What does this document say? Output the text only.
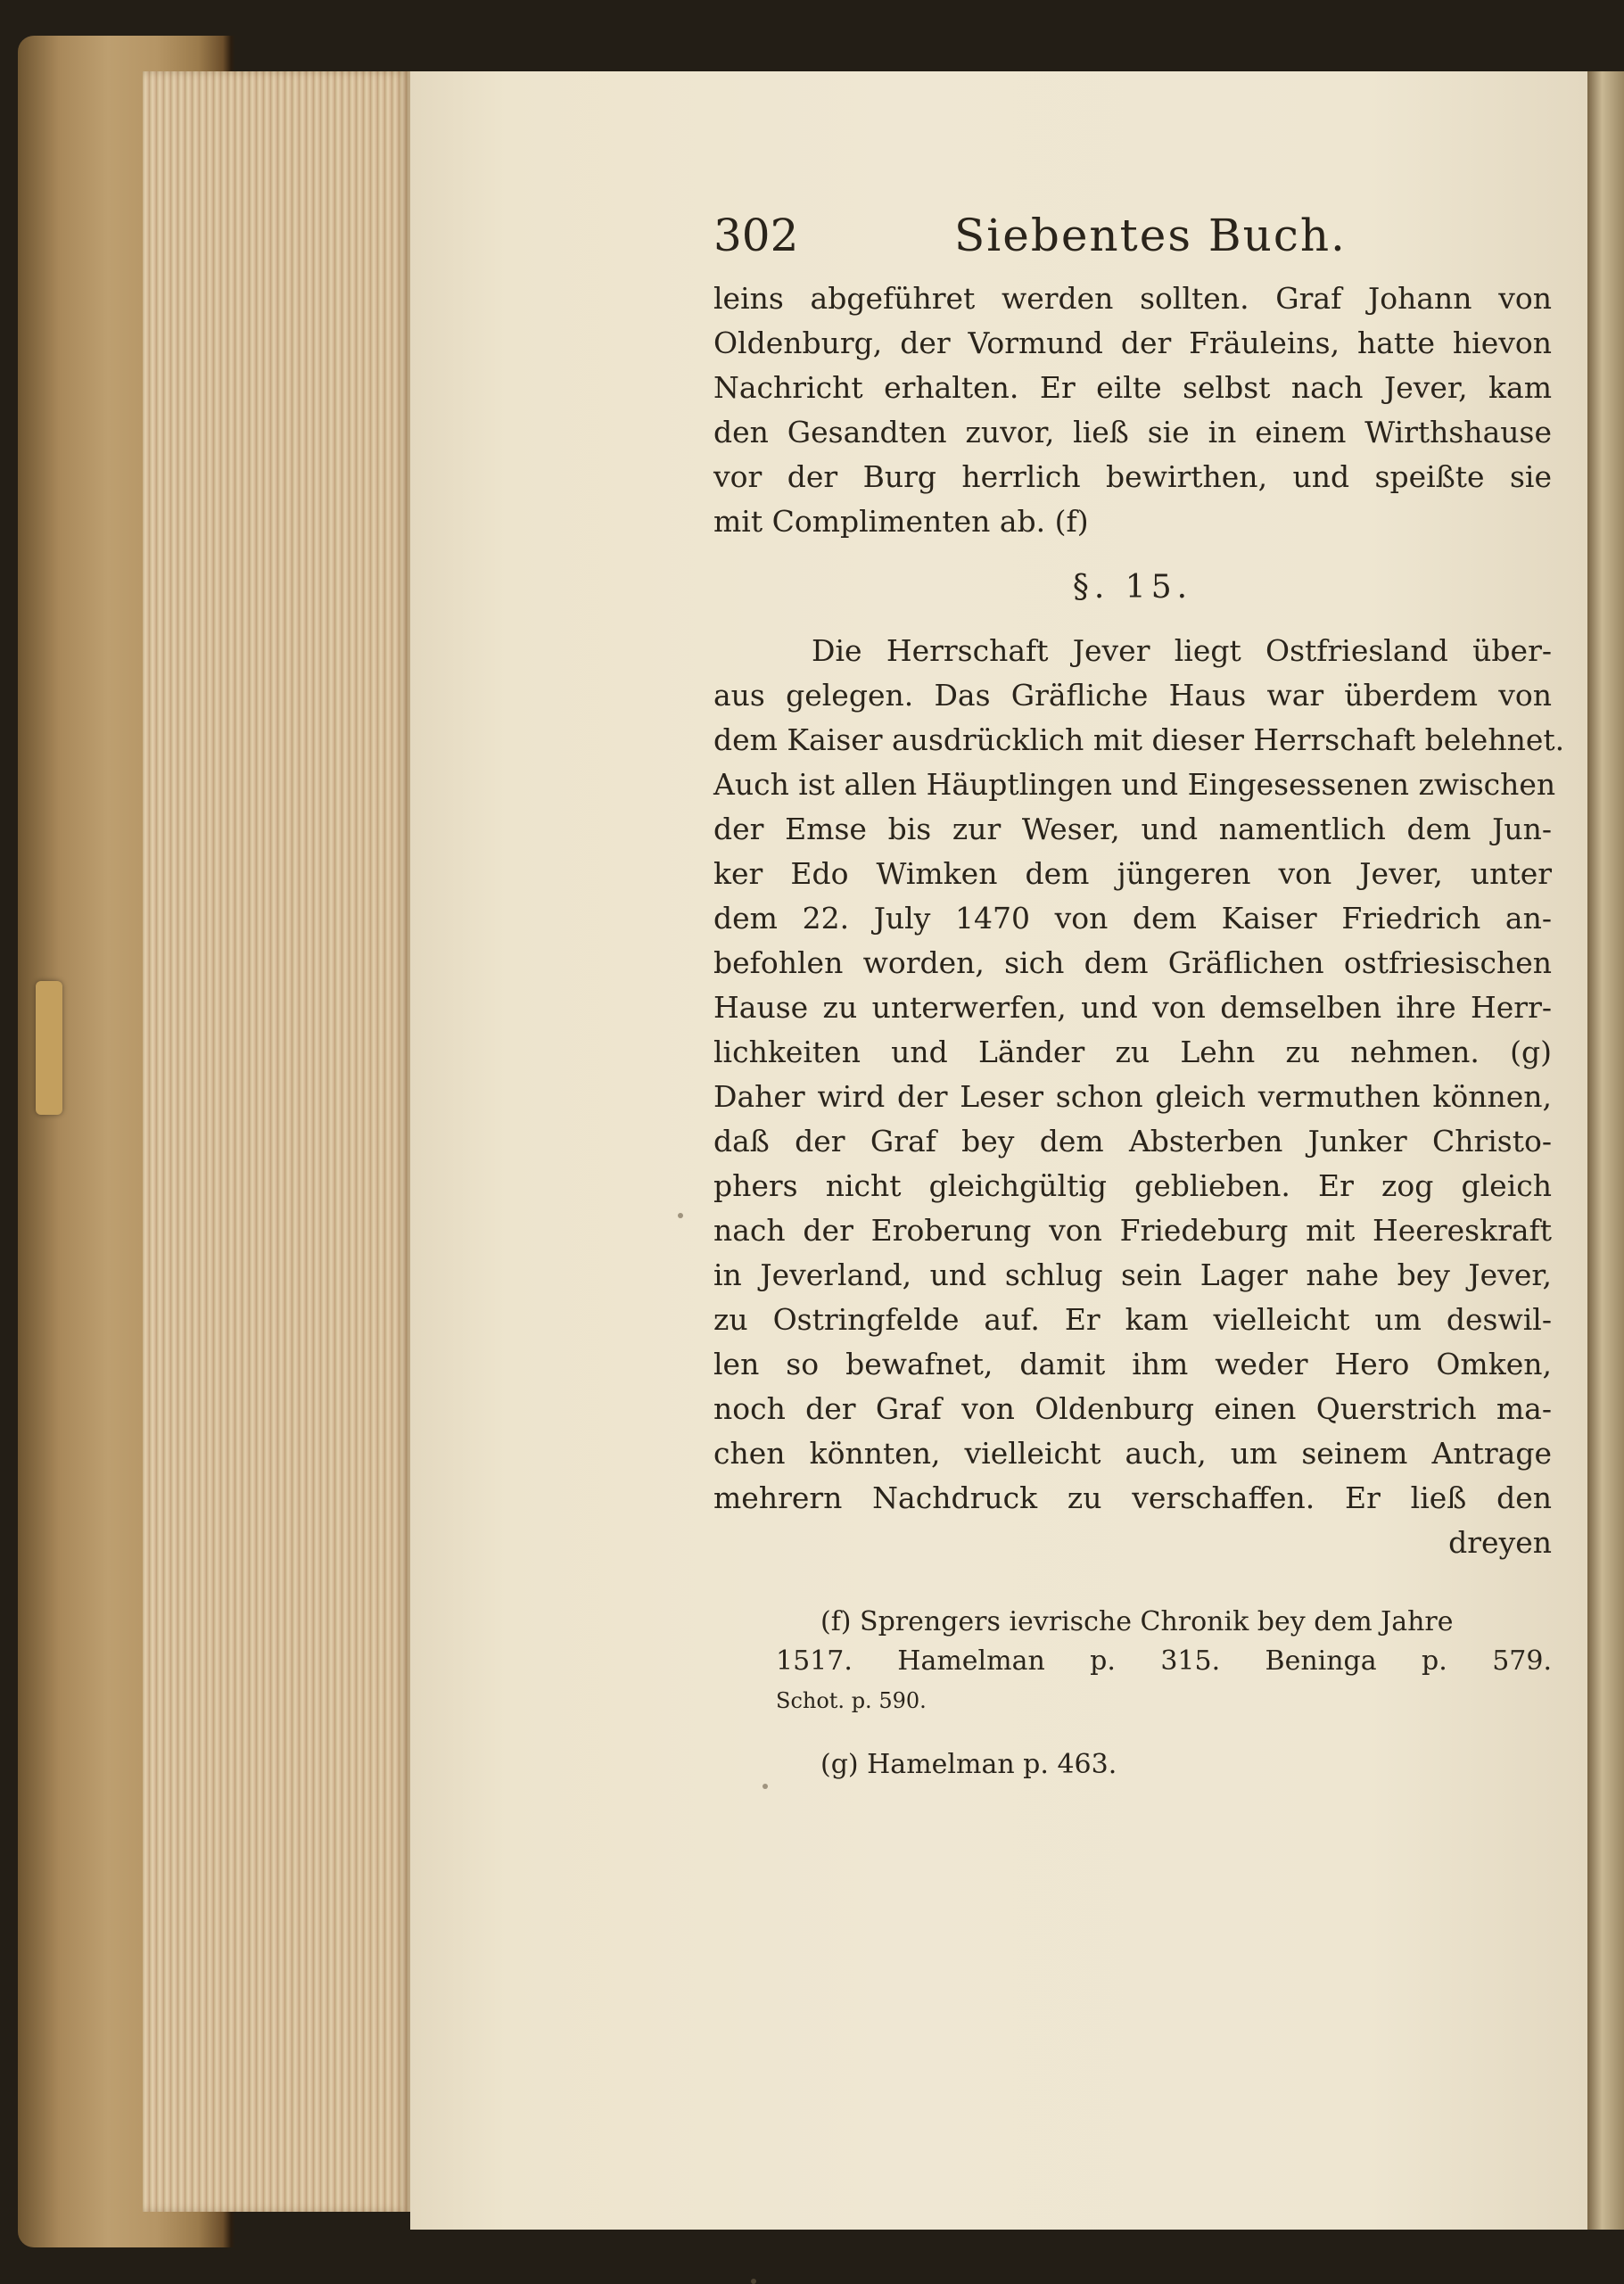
302	Siebentes Buch.
leins abgeführet werden sollten. Graf Johann von
Oldenburg, der Vormund der Fräuleins, hatte hievon
Nachricht erhalten. Er eilte selbst nach Jever, kam
den Gesandten zuvor, ließ sie in einem Wirthshause
vor der Burg herrlich bewirthen, und speißte sie
mit Complimenten ab. (f)
§. 15.
Die Herrschaft Jever liegt Ostfriesland über-
aus gelegen. Das Gräfliche Haus war überdem von
dem Kaiser ausdrücklich mit dieser Herrschaft belehnet.
Auch ist allen Häuptlingen und Eingesessenen zwischen
der Emse bis zur Weser, und namentlich dem Jun-
ker Edo Wimken dem jüngeren von Jever, unter
dem 22. July 1470 von dem Kaiser Friedrich an-
befohlen worden, sich dem Gräflichen ostfriesischen
Hause zu unterwerfen, und von demselben ihre Herr-
lichkeiten und Länder zu Lehn zu nehmen. (g)
Daher wird der Leser schon gleich vermuthen können,
daß der Graf bey dem Absterben Junker Christo-
phers nicht gleichgültig geblieben. Er zog gleich
nach der Eroberung von Friedeburg mit Heereskraft
in Jeverland, und schlug sein Lager nahe bey Jever,
zu Ostringfelde auf. Er kam vielleicht um deswil-
len so bewafnet, damit ihm weder Hero Omken,
noch der Graf von Oldenburg einen Querstrich ma-
chen könnten, vielleicht auch, um seinem Antrage
mehrern Nachdruck zu verschaffen. Er ließ den
dreyen
(f) Sprengers ievrische Chronik bey dem Jahre
1517. Hamelman p. 315. Beninga p. 579.
Schot. p. 590.
(g) Hamelman p. 463.
